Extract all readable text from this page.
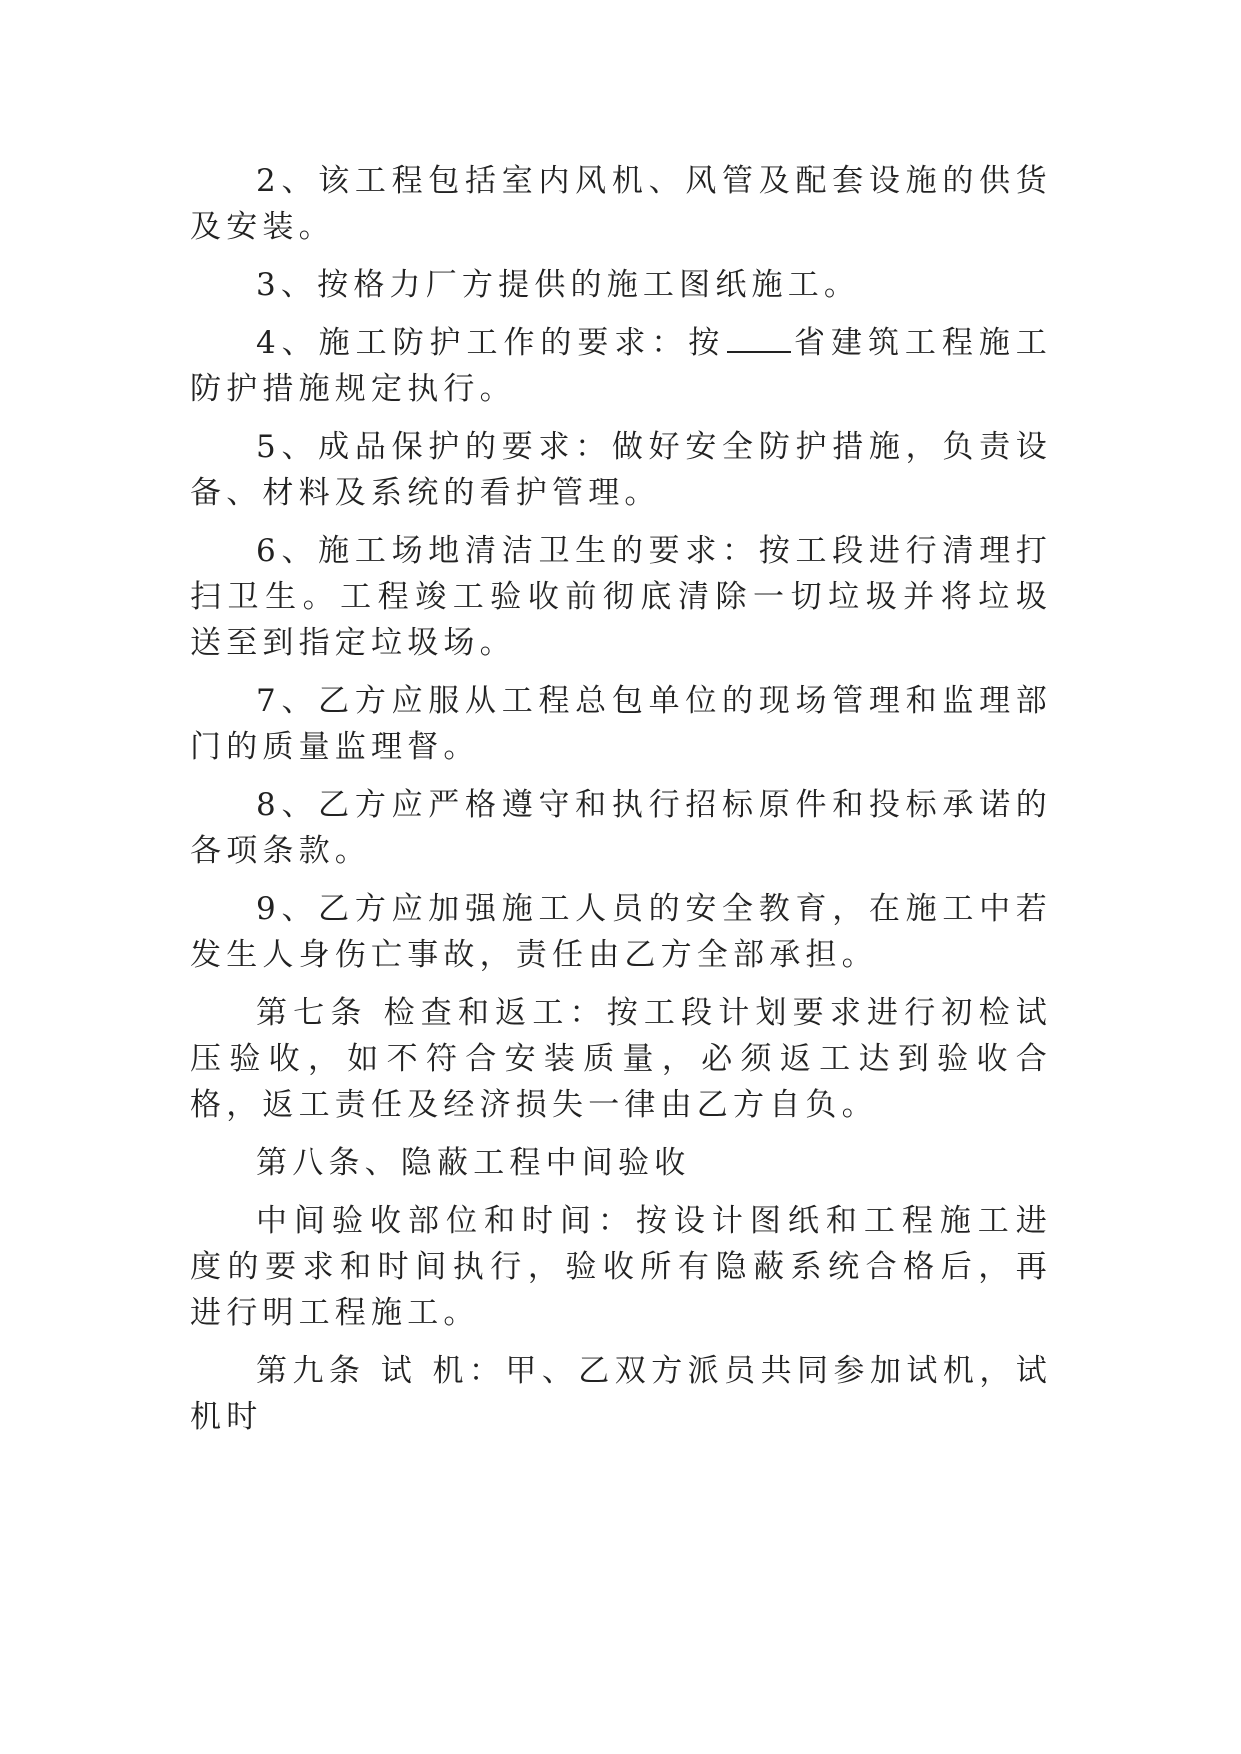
2、该工程包括室内风机、风管及配套设施的供货及安装。

3、按格力厂方提供的施工图纸施工。

4、施工防护工作的要求：按 省建筑工程施工防护措施规定执行。

5、成品保护的要求：做好安全防护措施，负责设备、材料及系统的看护管理。

6、施工场地清洁卫生的要求：按工段进行清理打扫卫生。工程竣工验收前彻底清除一切垃圾并将垃圾送至到指定垃圾场。

7、乙方应服从工程总包单位的现场管理和监理部门的质量监理督。

8、乙方应严格遵守和执行招标原件和投标承诺的各项条款。

9、乙方应加强施工人员的安全教育，在施工中若发生人身伤亡事故，责任由乙方全部承担。

第七条 检查和返工：按工段计划要求进行初检试压验收，如不符合安装质量，必须返工达到验收合格，返工责任及经济损失一律由乙方自负。

第八条、隐蔽工程中间验收

中间验收部位和时间：按设计图纸和工程施工进度的要求和时间执行，验收所有隐蔽系统合格后，再进行明工程施工。

第九条 试 机：甲、乙双方派员共同参加试机，试机时
